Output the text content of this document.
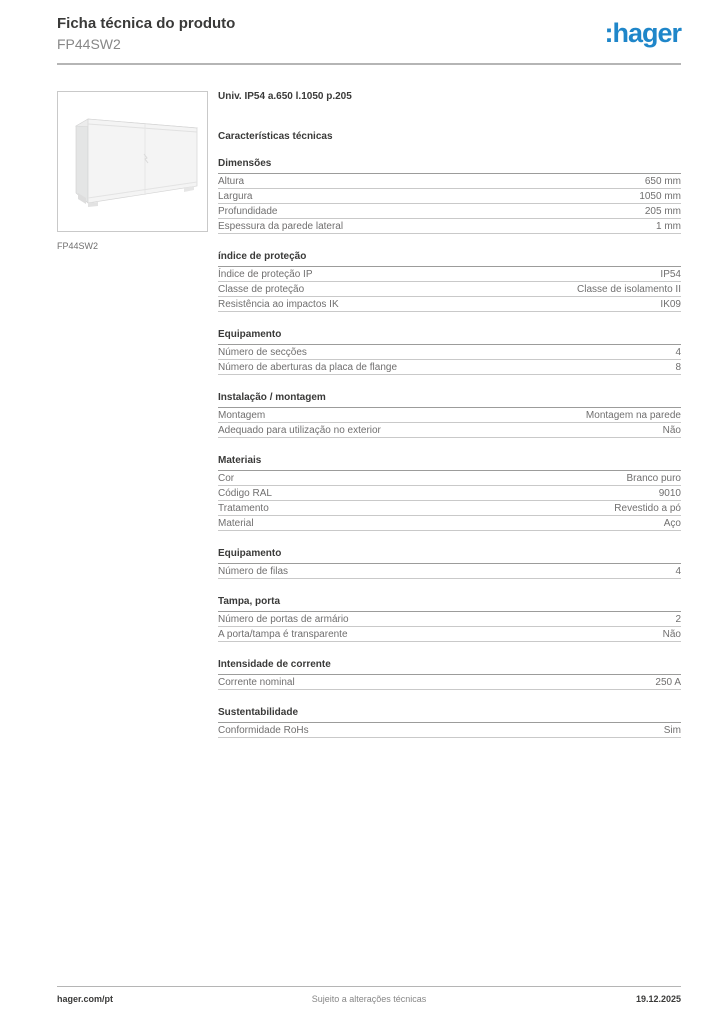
Ficha técnica do produto
FP44SW2	:hager
FP44SW2
Univ. IP54 a.650 l.1050 p.205
Características técnicas
Dimensões
Altura	650 mm
Largura	1050 mm
Profundidade	205 mm
Espessura da parede lateral	1 mm
índice de proteção
Índice de proteção IP	IP54
Classe de proteção	Classe de isolamento II
Resistência ao impactos IK	IK09
Equipamento
Número de secções	4
Número de aberturas da placa de flange	8
Instalação / montagem
Montagem	Montagem na parede
Adequado para utilização no exterior	Não
Materiais
Cor	Branco puro
Código RAL	9010
Tratamento	Revestido a pó
Material	Aço
Equipamento
Número de filas	4
Tampa, porta
Número de portas de armário	2
A porta/tampa é transparente	Não
Intensidade de corrente
Corrente nominal	250 A
Sustentabilidade
Conformidade RoHs	Sim
hager.com/pt	Sujeito a alterações técnicas	19.12.2025
